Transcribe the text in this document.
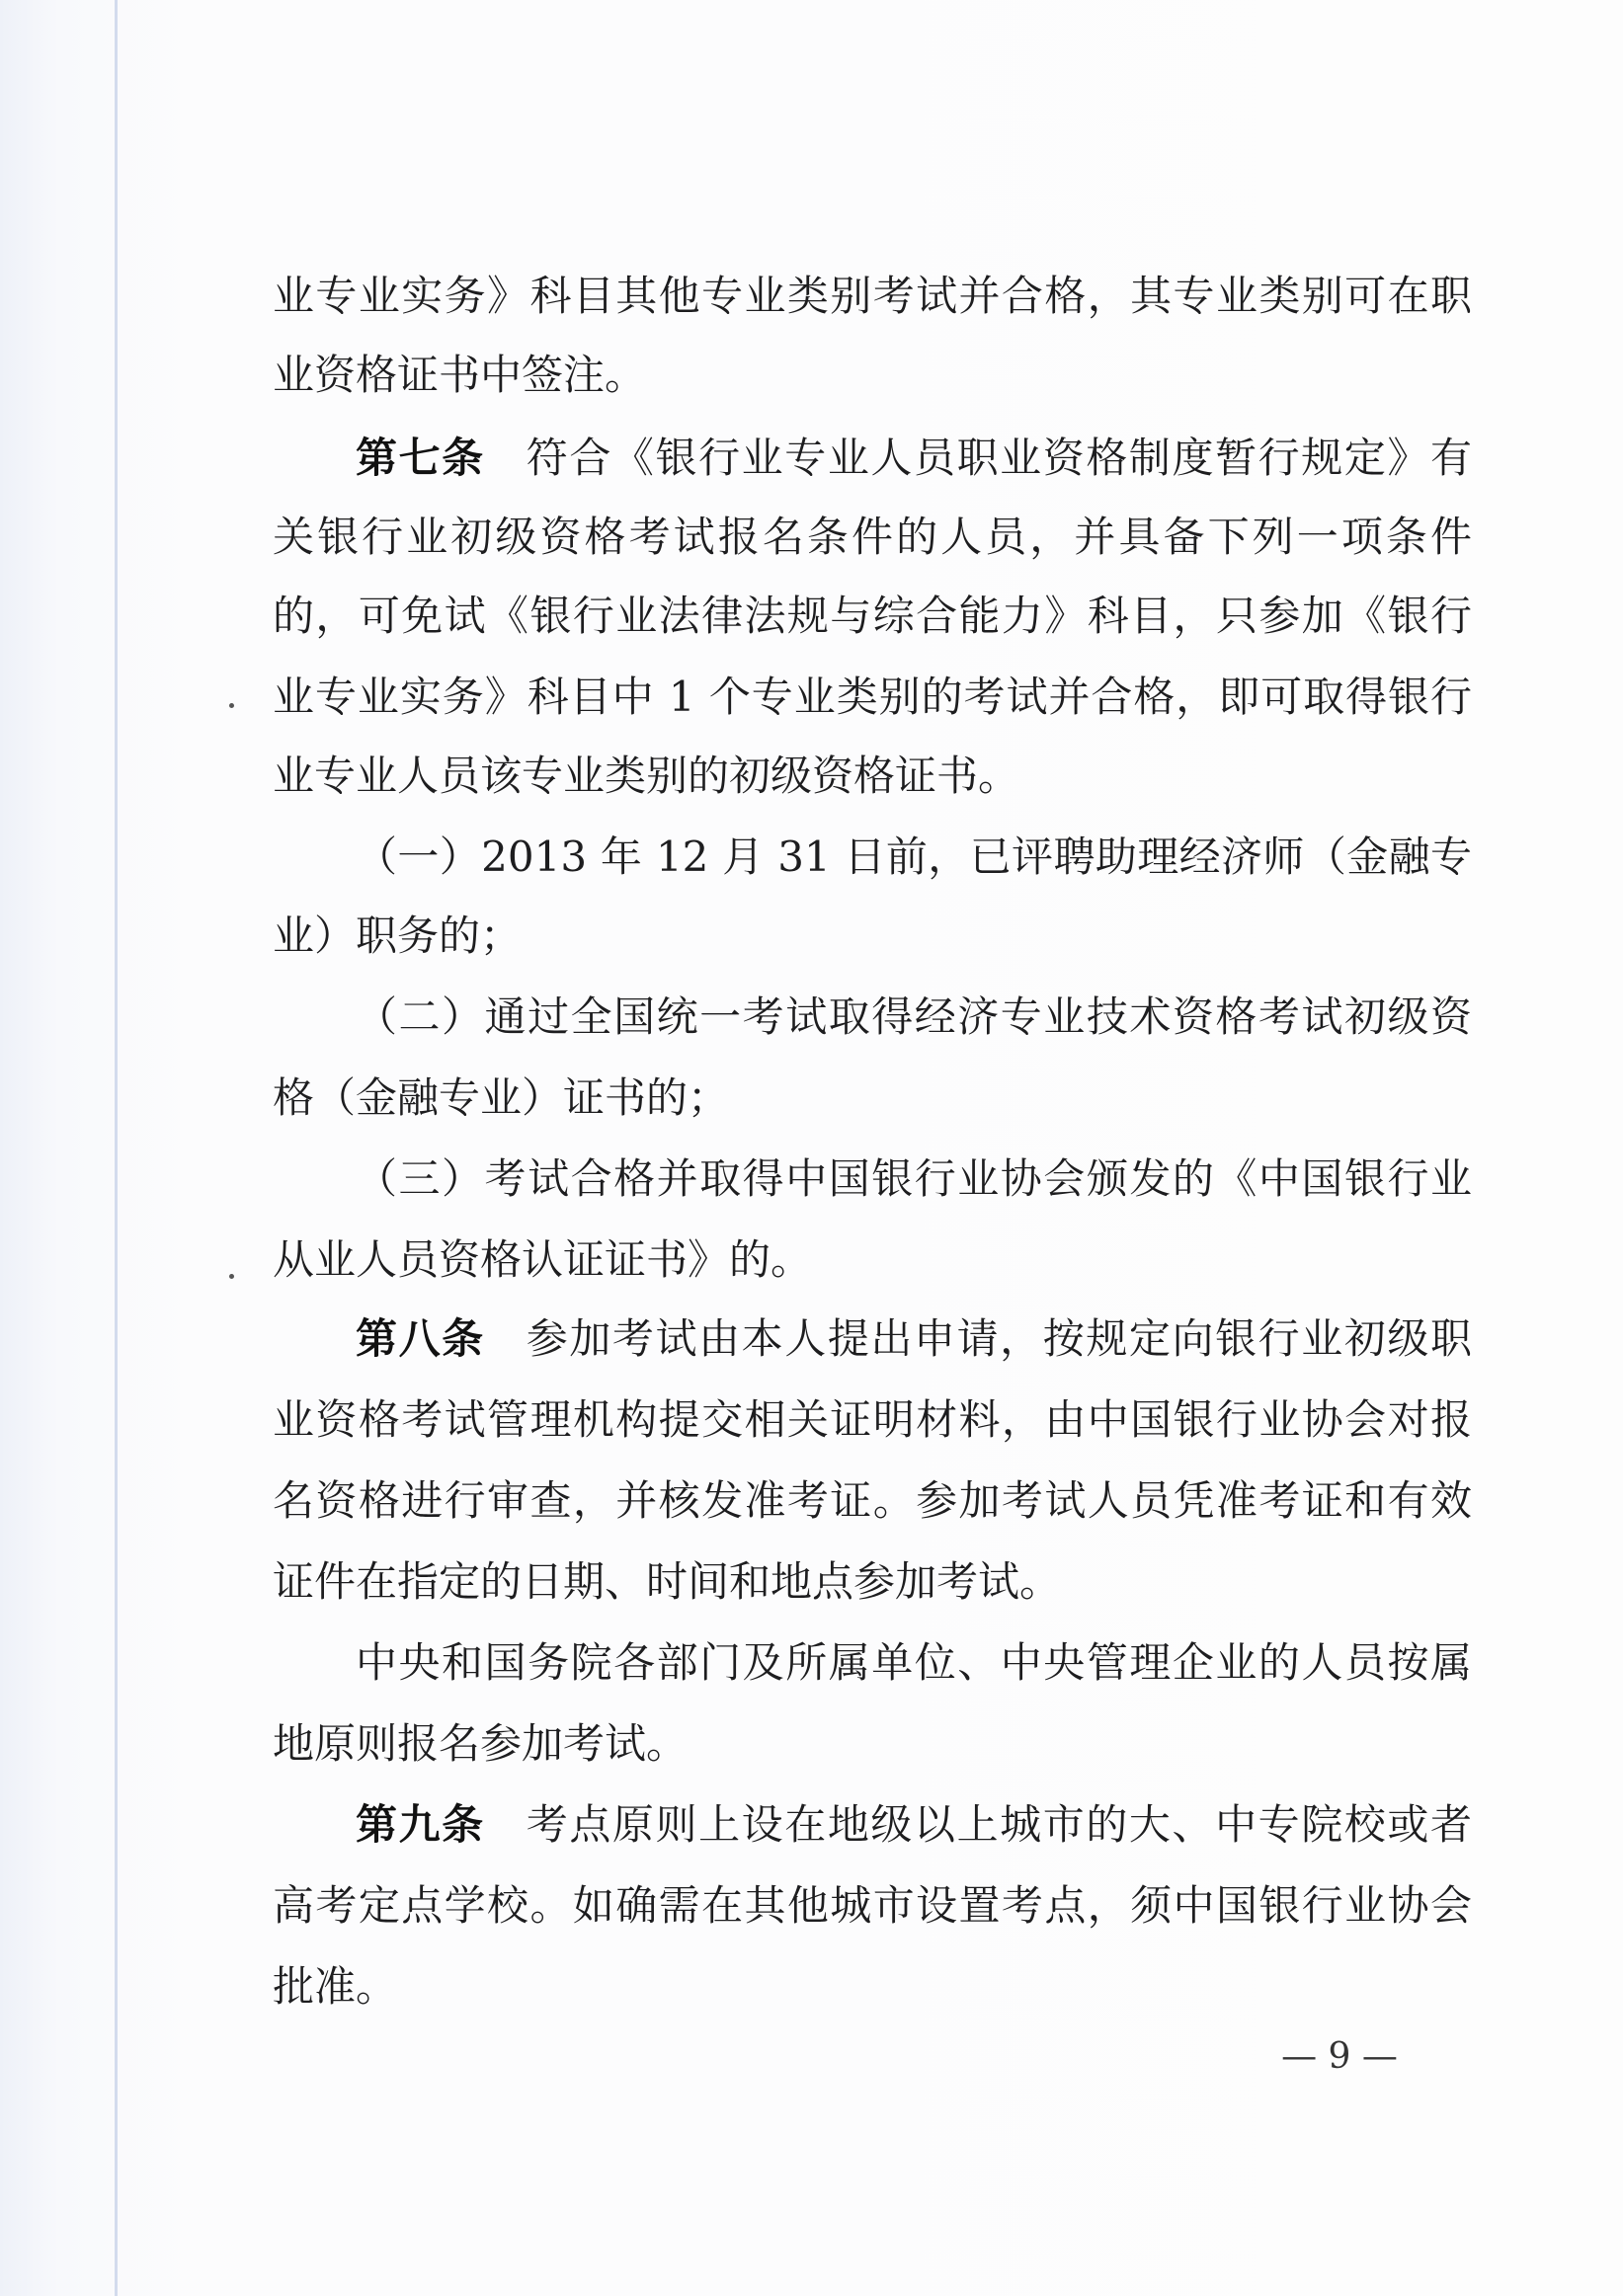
业专业实务》科目其他专业类别考试并合格，其专业类别可在职
业资格证书中签注。
第七条 符合《银行业专业人员职业资格制度暂行规定》有
关银行业初级资格考试报名条件的人员，并具备下列一项条件
的，可免试《银行业法律法规与综合能力》科目，只参加《银行
业专业实务》科目中 1 个专业类别的考试并合格，即可取得银行
业专业人员该专业类别的初级资格证书。
（一）2013 年 12 月 31 日前，已评聘助理经济师（金融专
业）职务的；
（二）通过全国统一考试取得经济专业技术资格考试初级资
格（金融专业）证书的；
（三）考试合格并取得中国银行业协会颁发的《中国银行业
从业人员资格认证证书》的。
第八条 参加考试由本人提出申请，按规定向银行业初级职
业资格考试管理机构提交相关证明材料，由中国银行业协会对报
名资格进行审查，并核发准考证。参加考试人员凭准考证和有效
证件在指定的日期、时间和地点参加考试。
中央和国务院各部门及所属单位、中央管理企业的人员按属
地原则报名参加考试。
第九条 考点原则上设在地级以上城市的大、中专院校或者
高考定点学校。如确需在其他城市设置考点，须中国银行业协会
批准。
— 9 —
